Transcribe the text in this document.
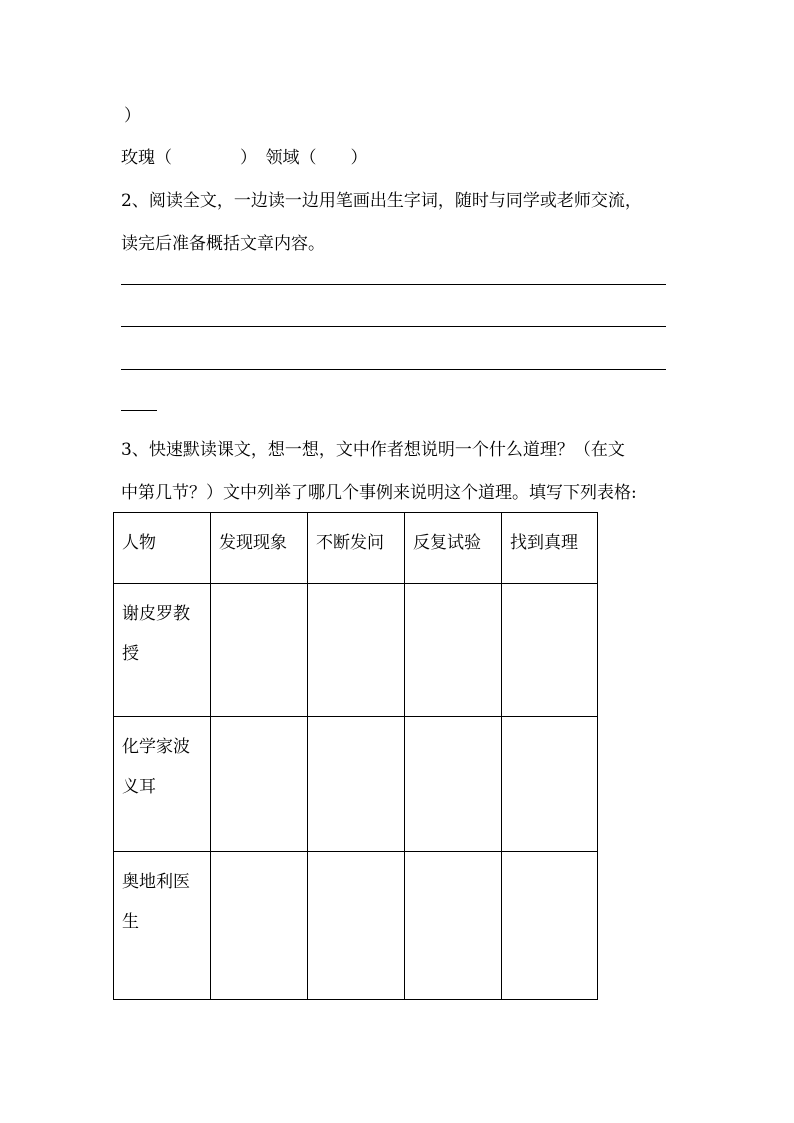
）
玫瑰（　　　　）　领域（　　）
2、阅读全文，一边读一边用笔画出生字词，随时与同学或老师交流，
读完后准备概括文章内容。
3、快速默读课文，想一想，文中作者想说明一个什么道理？（在文
中第几节？）文中列举了哪几个事例来说明这个道理。填写下列表格:
人物	发现现象	不断发问	反复试验	找到真理
谢皮罗教授				
化学家波义耳				
奥地利医生				
